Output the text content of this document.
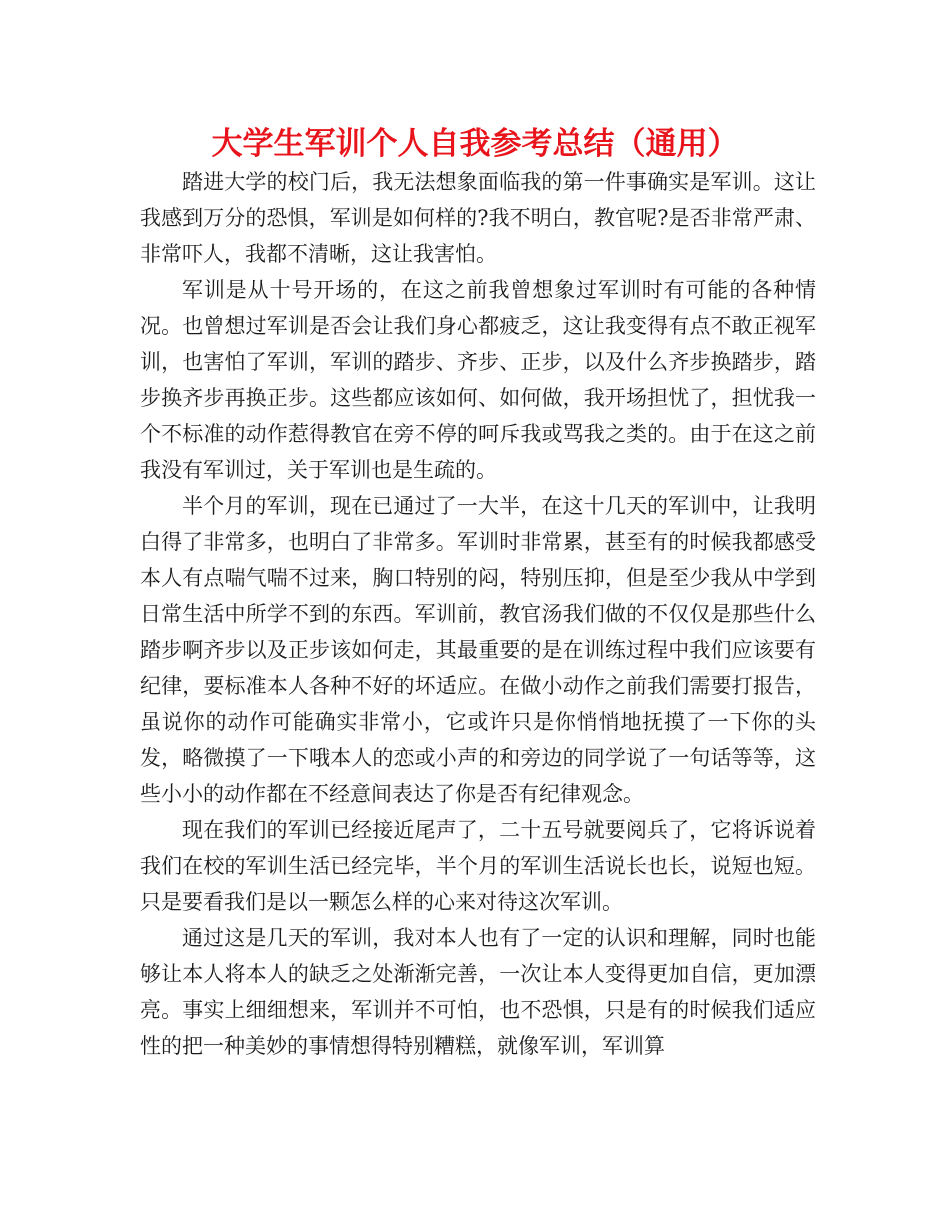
大学生军训个人自我参考总结（通用）

踏进大学的校门后，我无法想象面临我的第一件事确实是军训。这让我感到万分的恐惧，军训是如何样的?我不明白，教官呢?是否非常严肃、非常吓人，我都不清晰，这让我害怕。

军训是从十号开场的，在这之前我曾想象过军训时有可能的各种情况。也曾想过军训是否会让我们身心都疲乏，这让我变得有点不敢正视军训，也害怕了军训，军训的踏步、齐步、正步，以及什么齐步换踏步，踏步换齐步再换正步。这些都应该如何、如何做，我开场担忧了，担忧我一个不标准的动作惹得教官在旁不停的呵斥我或骂我之类的。由于在这之前我没有军训过，关于军训也是生疏的。

半个月的军训，现在已通过了一大半，在这十几天的军训中，让我明白得了非常多，也明白了非常多。军训时非常累，甚至有的时候我都感受本人有点喘气喘不过来，胸口特别的闷，特别压抑，但是至少我从中学到日常生活中所学不到的东西。军训前，教官汤我们做的不仅仅是那些什么踏步啊齐步以及正步该如何走，其最重要的是在训练过程中我们应该要有纪律，要标准本人各种不好的坏适应。在做小动作之前我们需要打报告，虽说你的动作可能确实非常小，它或许只是你悄悄地抚摸了一下你的头发，略微摸了一下哦本人的恋或小声的和旁边的同学说了一句话等等，这些小小的动作都在不经意间表达了你是否有纪律观念。

现在我们的军训已经接近尾声了，二十五号就要阅兵了，它将诉说着我们在校的军训生活已经完毕，半个月的军训生活说长也长，说短也短。只是要看我们是以一颗怎么样的心来对待这次军训。

通过这是几天的军训，我对本人也有了一定的认识和理解，同时也能够让本人将本人的缺乏之处渐渐完善，一次让本人变得更加自信，更加漂亮。事实上细细想来，军训并不可怕，也不恐惧，只是有的时候我们适应性的把一种美妙的事情想得特别糟糕，就像军训，军训算
